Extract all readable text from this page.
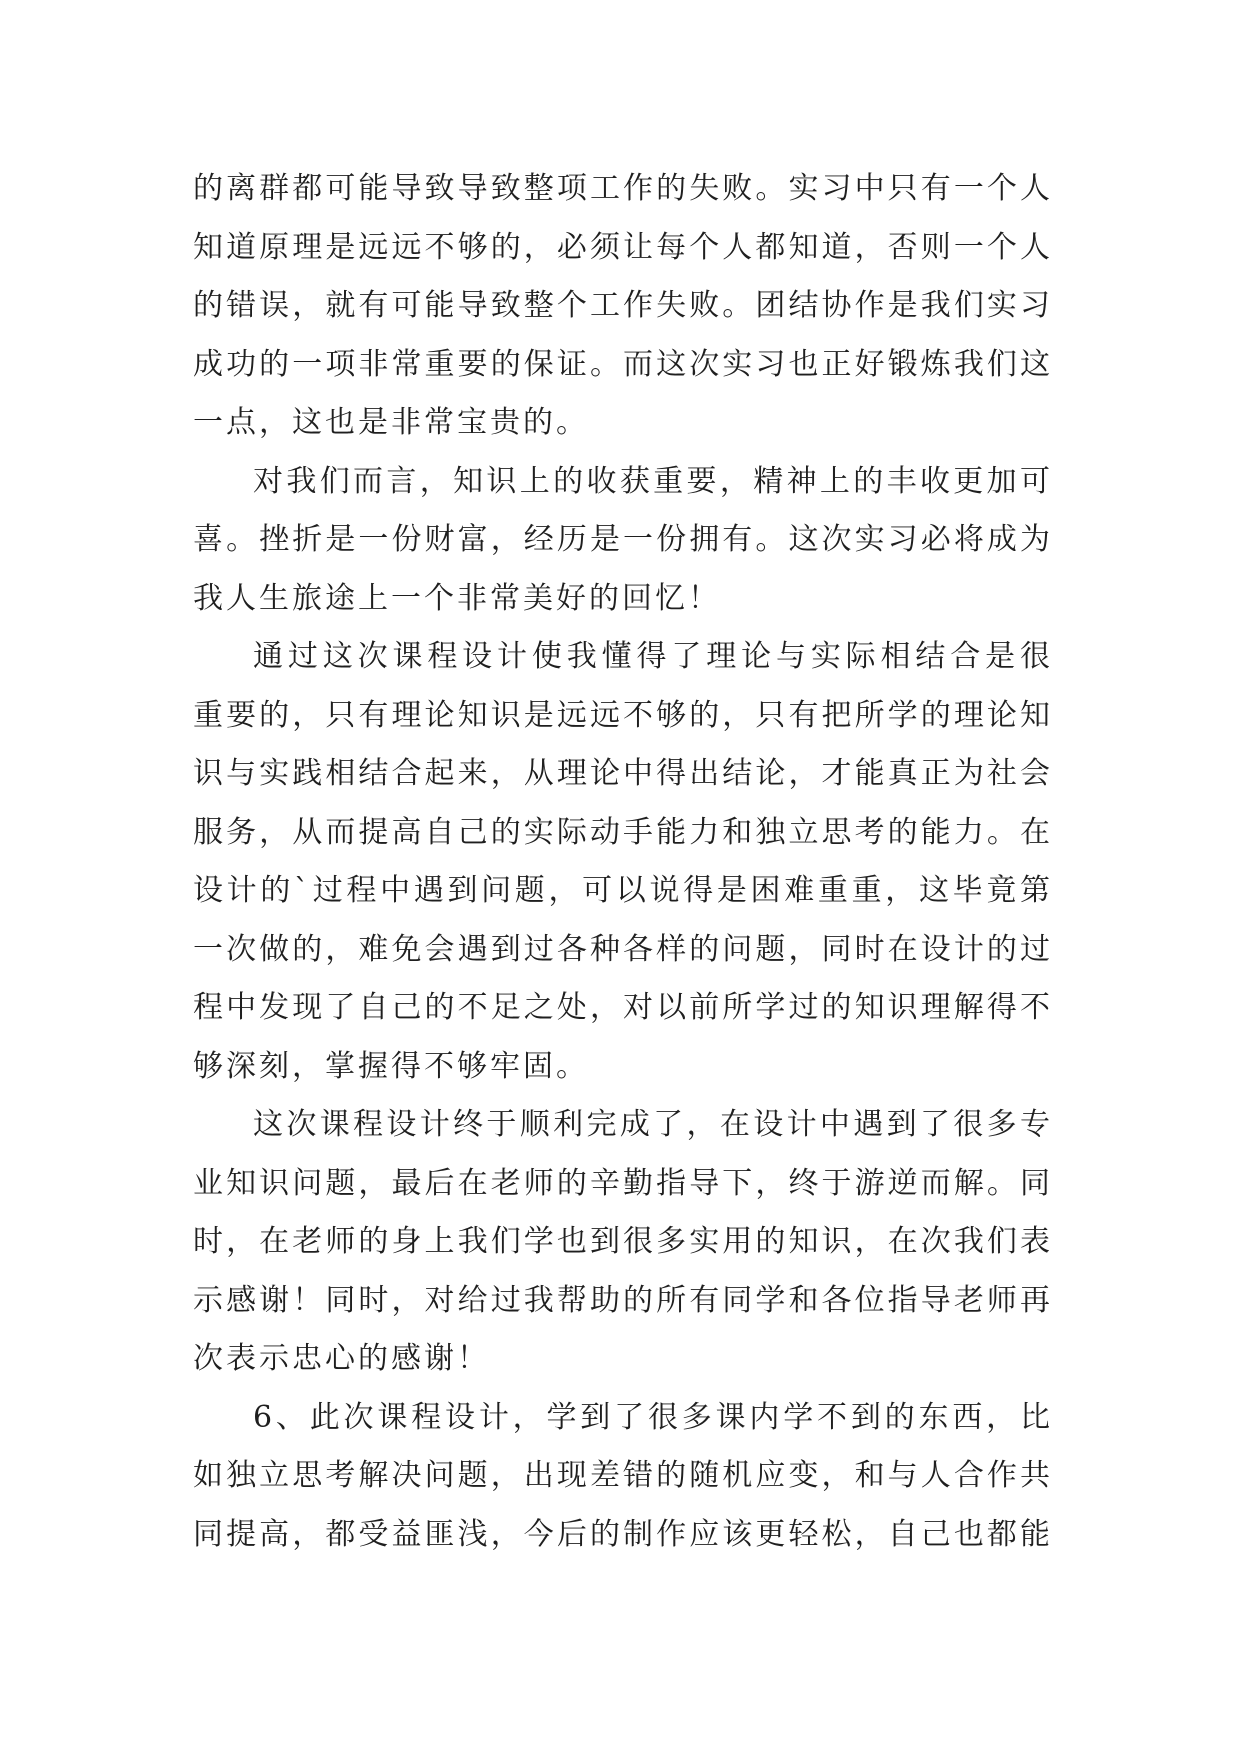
的离群都可能导致导致整项工作的失败。实习中只有一个人
知道原理是远远不够的，必须让每个人都知道，否则一个人
的错误，就有可能导致整个工作失败。团结协作是我们实习
成功的一项非常重要的保证。而这次实习也正好锻炼我们这
一点，这也是非常宝贵的。
对我们而言，知识上的收获重要，精神上的丰收更加可
喜。挫折是一份财富，经历是一份拥有。这次实习必将成为
我人生旅途上一个非常美好的回忆！
通过这次课程设计使我懂得了理论与实际相结合是很
重要的，只有理论知识是远远不够的，只有把所学的理论知
识与实践相结合起来，从理论中得出结论，才能真正为社会
服务，从而提高自己的实际动手能力和独立思考的能力。在
设计的`过程中遇到问题，可以说得是困难重重，这毕竟第
一次做的，难免会遇到过各种各样的问题，同时在设计的过
程中发现了自己的不足之处，对以前所学过的知识理解得不
够深刻，掌握得不够牢固。
这次课程设计终于顺利完成了，在设计中遇到了很多专
业知识问题，最后在老师的辛勤指导下，终于游逆而解。同
时，在老师的身上我们学也到很多实用的知识，在次我们表
示感谢！同时，对给过我帮助的所有同学和各位指导老师再
次表示忠心的感谢！
6、此次课程设计，学到了很多课内学不到的东西，比
如独立思考解决问题，出现差错的随机应变，和与人合作共
同提高，都受益匪浅，今后的制作应该更轻松，自己也都能
